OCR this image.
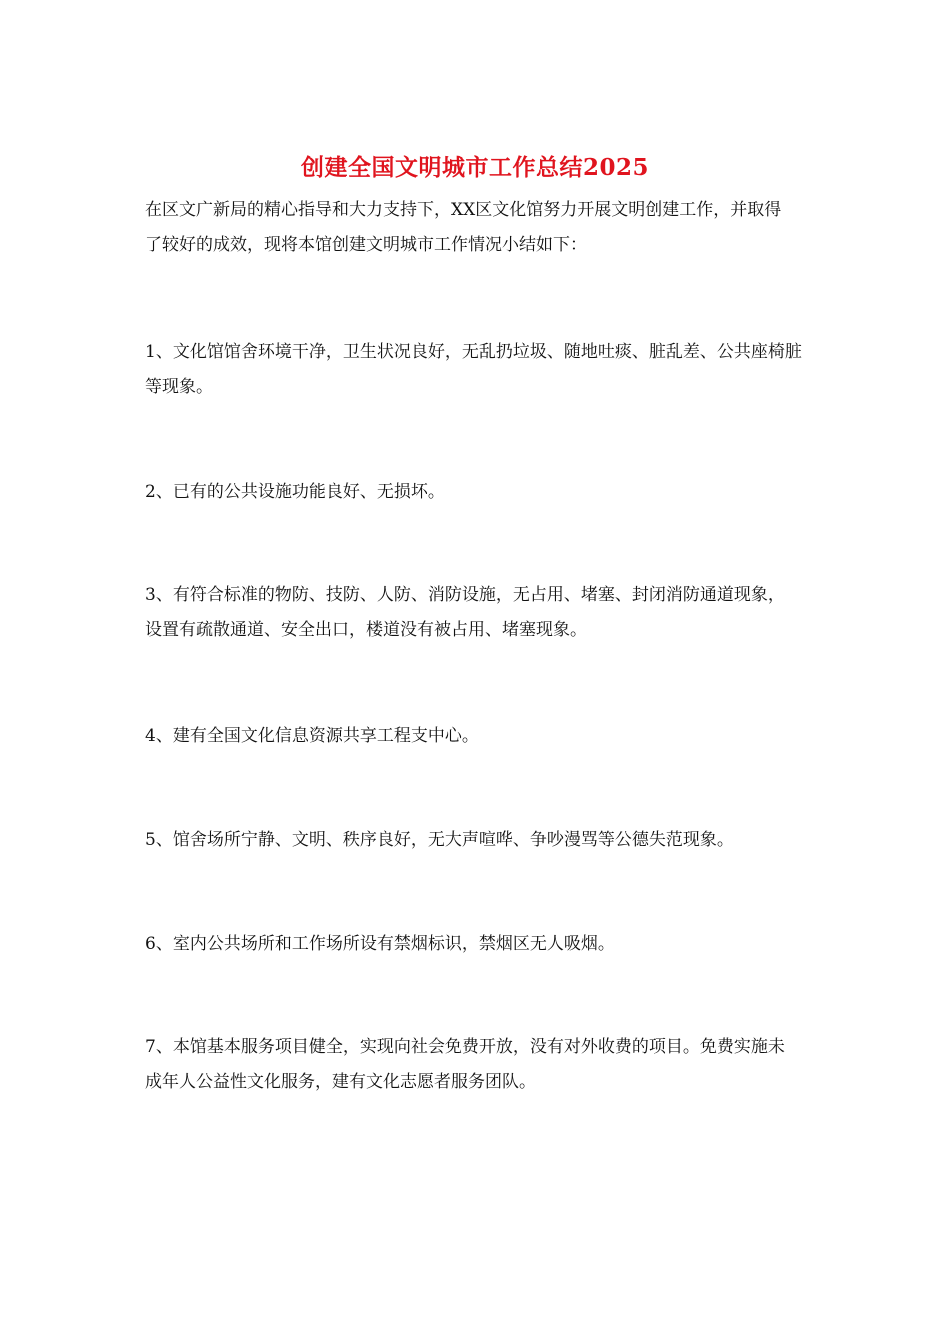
创建全国文明城市工作总结2025

在区文广新局的精心指导和大力支持下，XX区文化馆努力开展文明创建工作，并取得了较好的成效，现将本馆创建文明城市工作情况小结如下：

1、文化馆馆舍环境干净，卫生状况良好，无乱扔垃圾、随地吐痰、脏乱差、公共座椅脏等现象。

2、已有的公共设施功能良好、无损坏。

3、有符合标准的物防、技防、人防、消防设施，无占用、堵塞、封闭消防通道现象，设置有疏散通道、安全出口，楼道没有被占用、堵塞现象。

4、建有全国文化信息资源共享工程支中心。

5、馆舍场所宁静、文明、秩序良好，无大声喧哗、争吵漫骂等公德失范现象。

6、室内公共场所和工作场所设有禁烟标识，禁烟区无人吸烟。

7、本馆基本服务项目健全，实现向社会免费开放，没有对外收费的项目。免费实施未成年人公益性文化服务，建有文化志愿者服务团队。
